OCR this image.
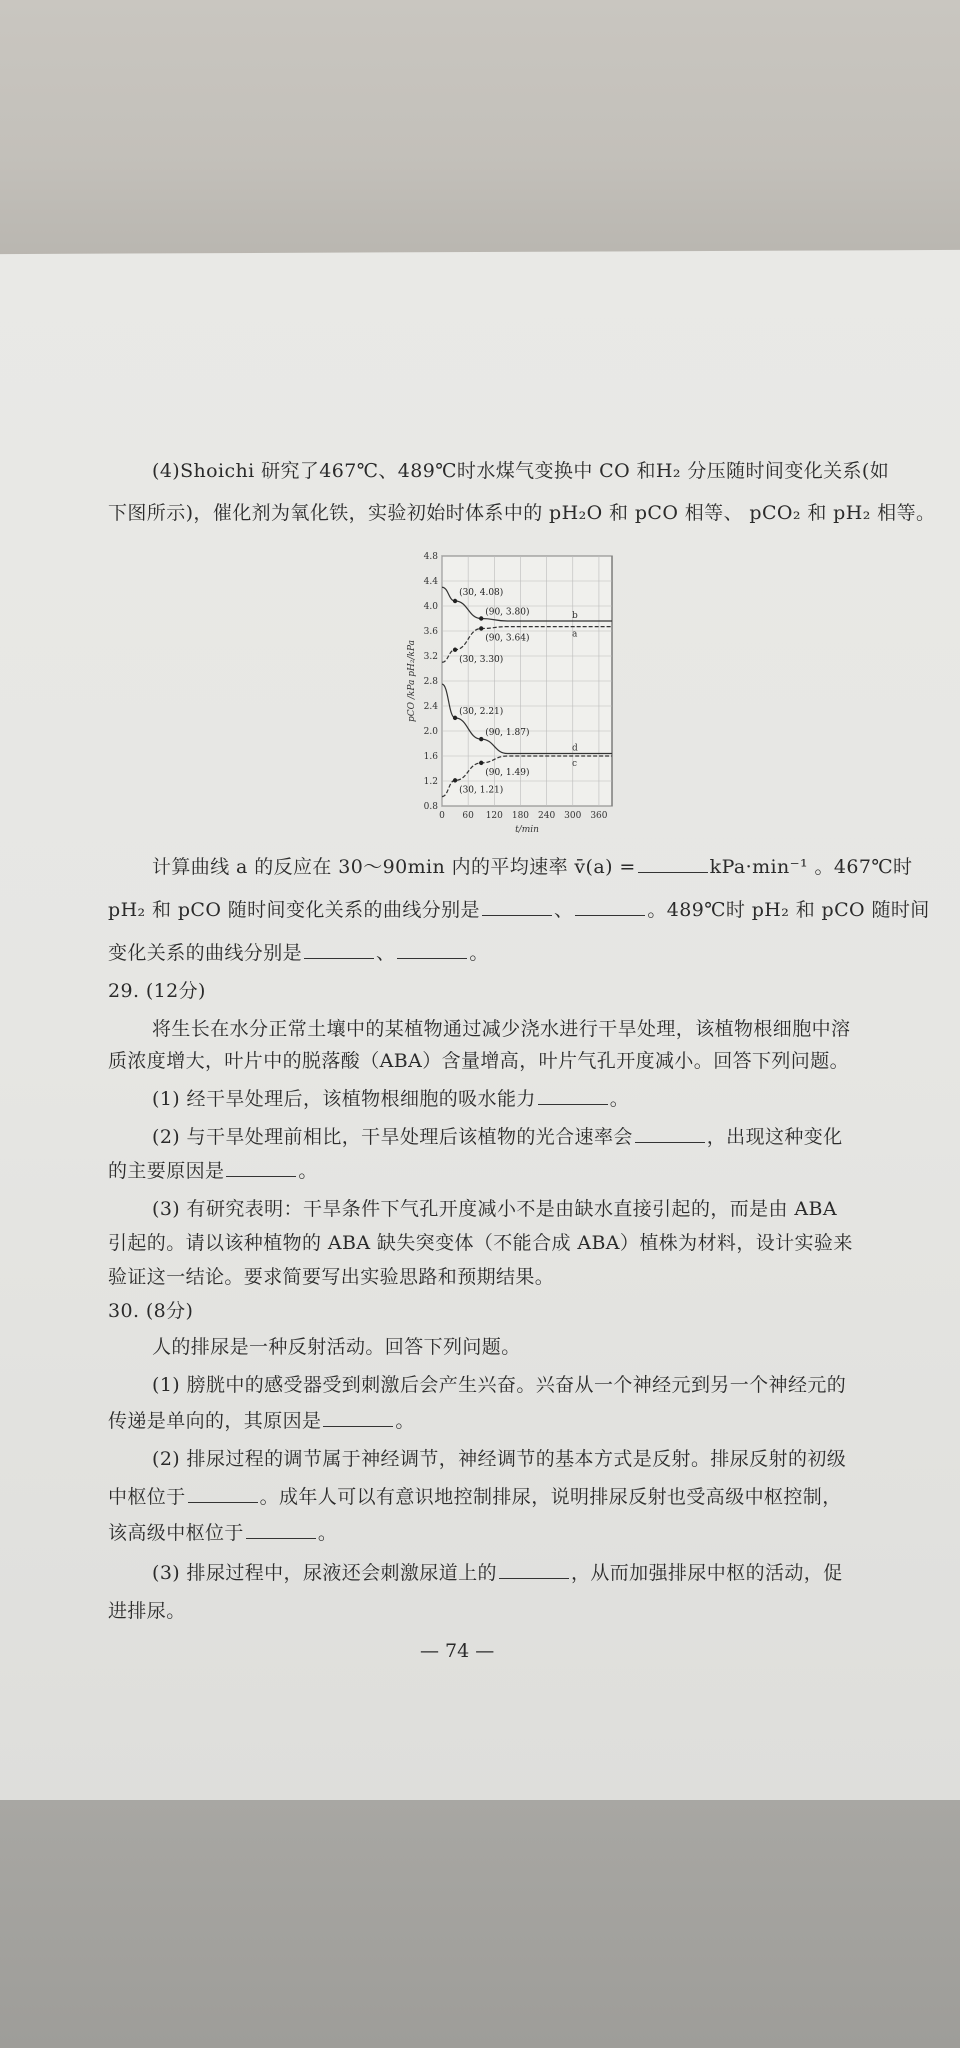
(4)Shoichi 研究了467℃、489℃时水煤气变换中 CO 和H₂ 分压随时间变化关系(如
下图所示)，催化剂为氧化铁，实验初始时体系中的 pH₂O 和 pCO 相等、 pCO₂ 和 pH₂ 相等。
4.8
4.4
4.0
3.6
3.2
2.8
2.4
2.0
1.6
1.2
0.8
0 60 120 180 240 300 360
t/min
pCO /kPa pH₂/kPa
b
a
d
c
(30, 4.08)
(90, 3.80)
(90, 3.64)
(30, 3.30)
(30, 2.21)
(90, 1.87)
(90, 1.49)
(30, 1.21)
计算曲线 a 的反应在 30～90min 内的平均速率 v̄(a) =	kPa·min⁻¹ 。467℃时
pH₂ 和 pCO 随时间变化关系的曲线分别是	、	。489℃时 pH₂ 和 pCO 随时间
变化关系的曲线分别是	、	。
29. (12分)
将生长在水分正常土壤中的某植物通过减少浇水进行干旱处理，该植物根细胞中溶
质浓度增大，叶片中的脱落酸（ABA）含量增高，叶片气孔开度减小。回答下列问题。
(1) 经干旱处理后，该植物根细胞的吸水能力	。
(2) 与干旱处理前相比，干旱处理后该植物的光合速率会	，出现这种变化
的主要原因是	。
(3) 有研究表明：干旱条件下气孔开度减小不是由缺水直接引起的，而是由 ABA
引起的。请以该种植物的 ABA 缺失突变体（不能合成 ABA）植株为材料，设计实验来
验证这一结论。要求简要写出实验思路和预期结果。
30. (8分)
人的排尿是一种反射活动。回答下列问题。
(1) 膀胱中的感受器受到刺激后会产生兴奋。兴奋从一个神经元到另一个神经元的
传递是单向的，其原因是	。
(2) 排尿过程的调节属于神经调节，神经调节的基本方式是反射。排尿反射的初级
中枢位于	。成年人可以有意识地控制排尿，说明排尿反射也受高级中枢控制，
该高级中枢位于	。
(3) 排尿过程中，尿液还会刺激尿道上的	，从而加强排尿中枢的活动，促
进排尿。
— 74 —
